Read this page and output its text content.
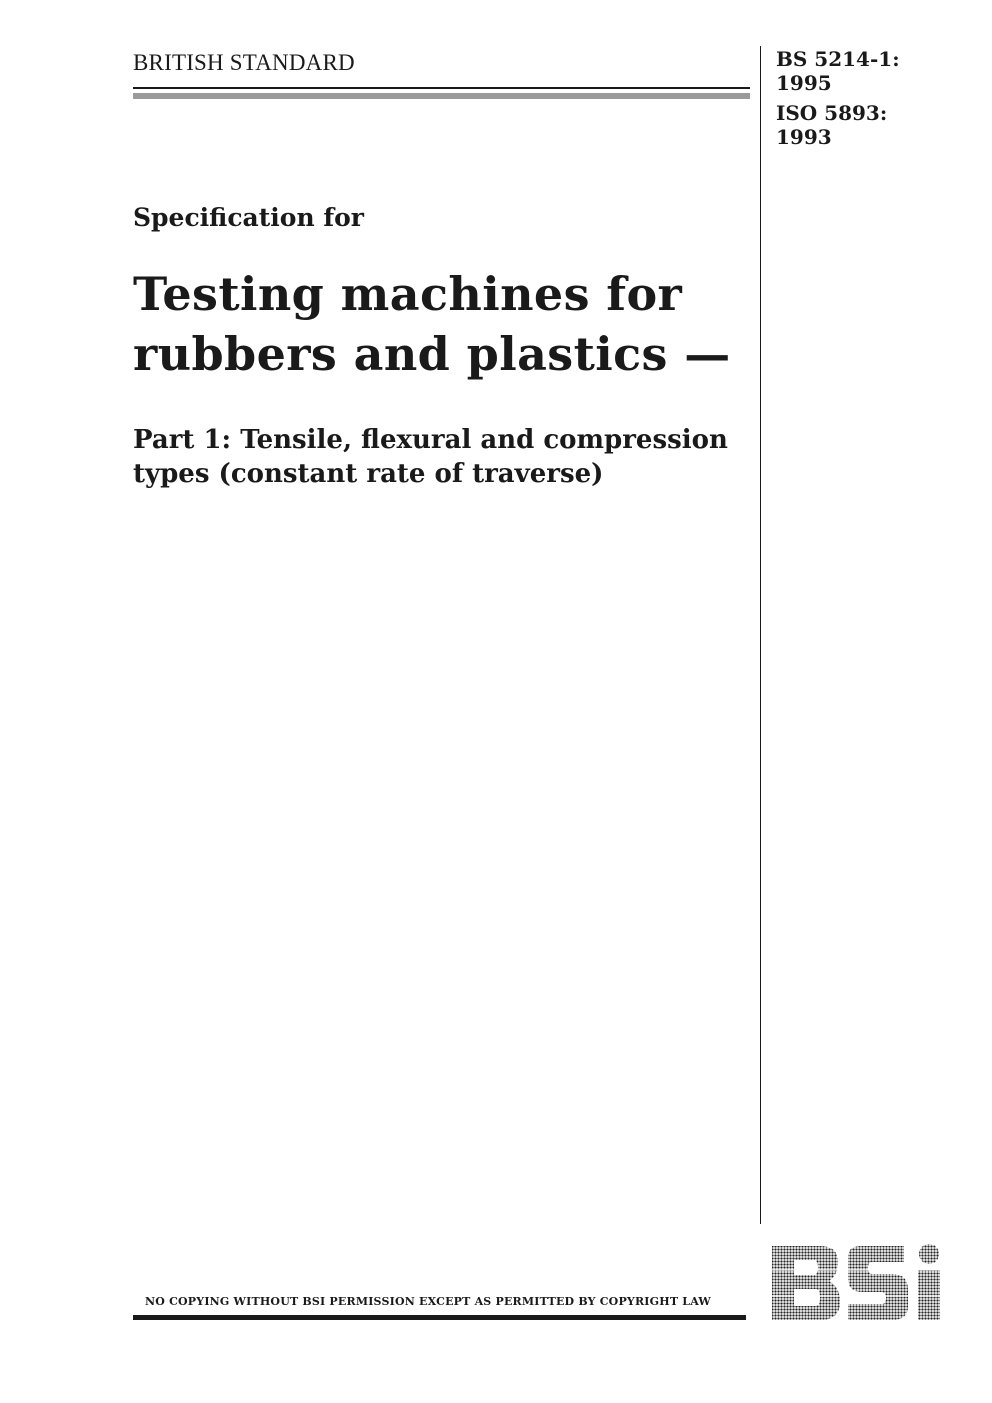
BRITISH STANDARD	BS 5214-1:
1995
ISO 5893:
1993
Specification for
Testing machines for
rubbers and plastics —
Part 1: Tensile, flexural and compression types (constant rate of traverse)
NO COPYING WITHOUT BSI PERMISSION EXCEPT AS PERMITTED BY COPYRIGHT LAW
